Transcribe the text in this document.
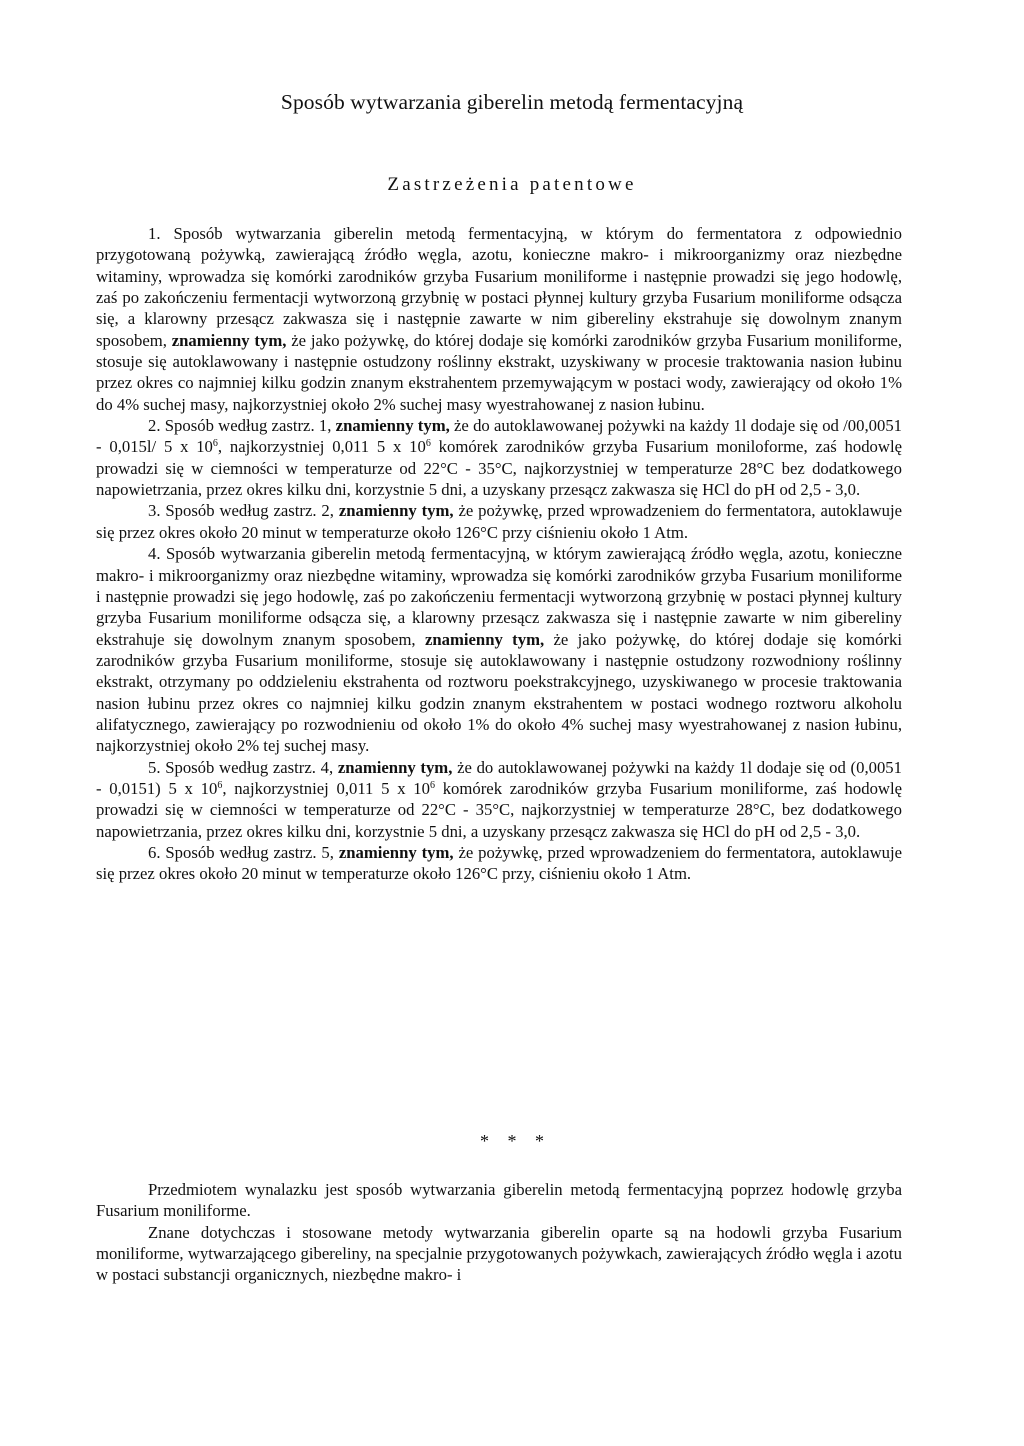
Sposób wytwarzania giberelin metodą fermentacyjną
Zastrzeżenia patentowe

1. Sposób wytwarzania giberelin metodą fermentacyjną, w którym do fermentatora z odpowiednio przygotowaną pożywką, zawierającą źródło węgla, azotu, konieczne makro- i mikroorganizmy oraz niezbędne witaminy, wprowadza się komórki zarodników grzyba Fusarium moniliforme i następnie prowadzi się jego hodowlę, zaś po zakończeniu fermentacji wytworzoną grzybnię w postaci płynnej kultury grzyba Fusarium moniliforme odsącza się, a klarowny przesącz zakwasza się i następnie zawarte w nim gibereliny ekstrahuje się dowolnym znanym sposobem, znamienny tym, że jako pożywkę, do której dodaje się komórki zarodników grzyba Fusarium moniliforme, stosuje się autoklawowany i następnie ostudzony roślinny ekstrakt, uzyskiwany w procesie traktowania nasion łubinu przez okres co najmniej kilku godzin znanym ekstrahentem przemywającym w postaci wody, zawierający od około 1% do 4% suchej masy, najkorzystniej około 2% suchej masy wyestrahowanej z nasion łubinu.

2. Sposób według zastrz. 1, znamienny tym, że do autoklawowanej pożywki na każdy 1l dodaje się od /00,0051 - 0,015l/ 5 x $10^6$, najkorzystniej 0,011 5 x $10^6$ komórek zarodników grzyba Fusarium moniloforme, zaś hodowlę prowadzi się w ciemności w temperaturze od 22°C - 35°C, najkorzystniej w temperaturze 28°C bez dodatkowego napowietrzania, przez okres kilku dni, korzystnie 5 dni, a uzyskany przesącz zakwasza się HCl do pH od 2,5 - 3,0.

3. Sposób według zastrz. 2, znamienny tym, że pożywkę, przed wprowadzeniem do fermentatora, autoklawuje się przez okres około 20 minut w temperaturze około 126°C przy ciśnieniu około 1 Atm.

4. Sposób wytwarzania giberelin metodą fermentacyjną, w którym zawierającą źródło węgla, azotu, konieczne makro- i mikroorganizmy oraz niezbędne witaminy, wprowadza się komórki zarodników grzyba Fusarium moniliforme i następnie prowadzi się jego hodowlę, zaś po zakończeniu fermentacji wytworzoną grzybnię w postaci płynnej kultury grzyba Fusarium moniliforme odsącza się, a klarowny przesącz zakwasza się i następnie zawarte w nim gibereliny ekstrahuje się dowolnym znanym sposobem, znamienny tym, że jako pożywkę, do której dodaje się komórki zarodników grzyba Fusarium moniliforme, stosuje się autoklawowany i następnie ostudzony rozwodniony roślinny ekstrakt, otrzymany po oddzieleniu ekstrahenta od roztworu poekstrakcyjnego, uzyskiwanego w procesie traktowania nasion łubinu przez okres co najmniej kilku godzin znanym ekstrahentem w postaci wodnego roztworu alkoholu alifatycznego, zawierający po rozwodnieniu od około 1% do około 4% suchej masy wyestrahowanej z nasion łubinu, najkorzystniej około 2% tej suchej masy.

5. Sposób według zastrz. 4, znamienny tym, że do autoklawowanej pożywki na każdy 1l dodaje się od (0,0051 - 0,0151) 5 x $10^6$, najkorzystniej 0,011 5 x $10^6$ komórek zarodników grzyba Fusarium moniliforme, zaś hodowlę prowadzi się w ciemności w temperaturze od 22°C - 35°C, najkorzystniej w temperaturze 28°C, bez dodatkowego napowietrzania, przez okres kilku dni, korzystnie 5 dni, a uzyskany przesącz zakwasza się HCl do pH od 2,5 - 3,0.

6. Sposób według zastrz. 5, znamienny tym, że pożywkę, przed wprowadzeniem do fermentatora, autoklawuje się przez okres około 20 minut w temperaturze około 126°C przy, ciśnieniu około 1 Atm.

* * *

Przedmiotem wynalazku jest sposób wytwarzania giberelin metodą fermentacyjną poprzez hodowlę grzyba Fusarium moniliforme.

Znane dotychczas i stosowane metody wytwarzania giberelin oparte są na hodowli grzyba Fusarium moniliforme, wytwarzającego gibereliny, na specjalnie przygotowanych pożywkach, zawierających źródło węgla i azotu w postaci substancji organicznych, niezbędne makro- i
